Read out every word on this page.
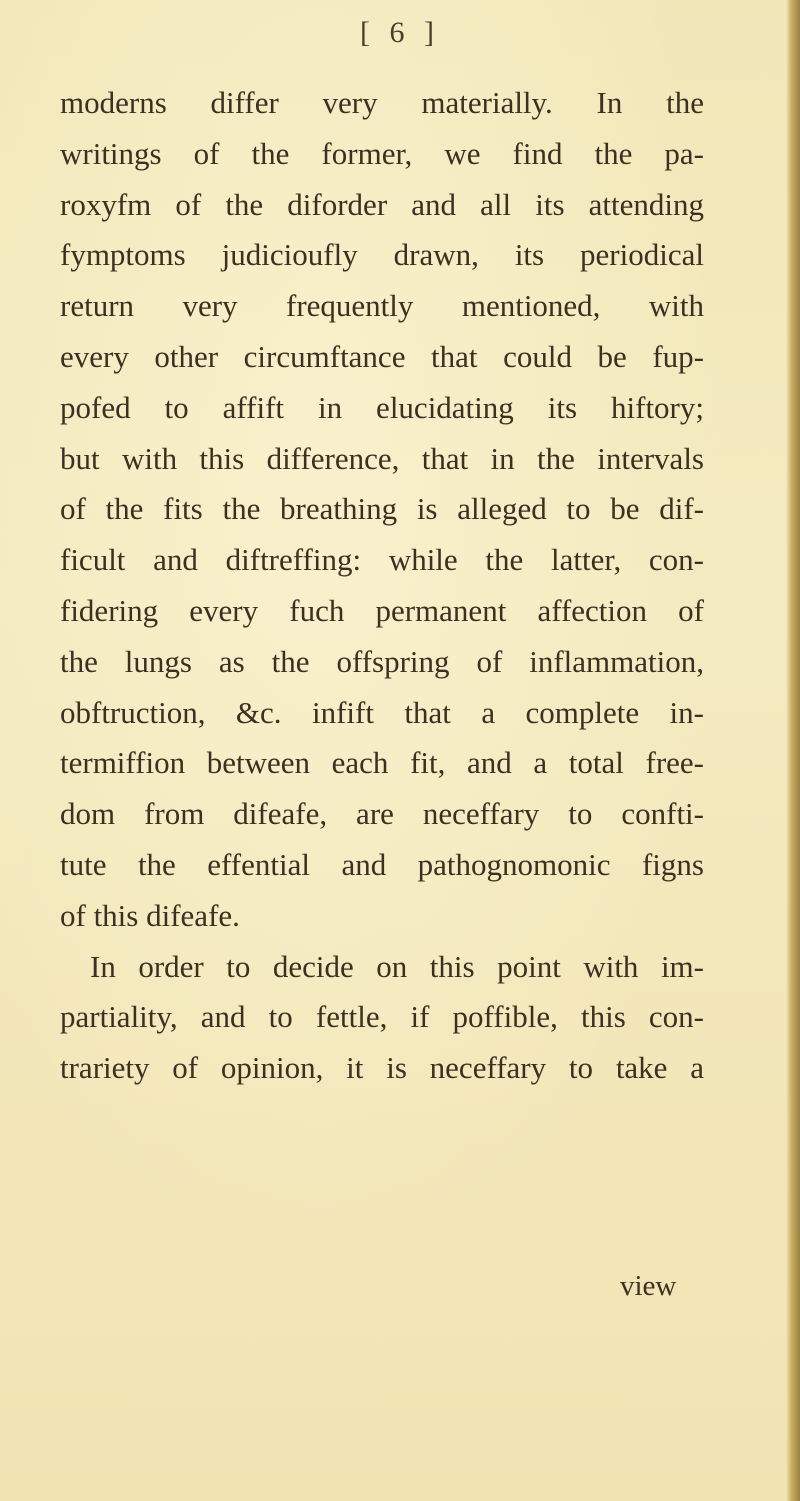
[ 6 ]
moderns differ very materially. In the
writings of the former, we find the pa-
roxyfm of the diforder and all its attending
fymptoms judicioufly drawn, its periodical
return very frequently mentioned, with
every other circumftance that could be fup-
pofed to affift in elucidating its hiftory;
but with this difference, that in the intervals
of the fits the breathing is alleged to be dif-
ficult and diftreffing: while the latter, con-
fidering every fuch permanent affection of
the lungs as the offspring of inflammation,
obftruction, &c. infift that a complete in-
termiffion between each fit, and a total free-
dom from difeafe, are neceffary to confti-
tute the effential and pathognomonic figns
of this difeafe.
In order to decide on this point with im-
partiality, and to fettle, if poffible, this con-
trariety of opinion, it is neceffary to take a
view
